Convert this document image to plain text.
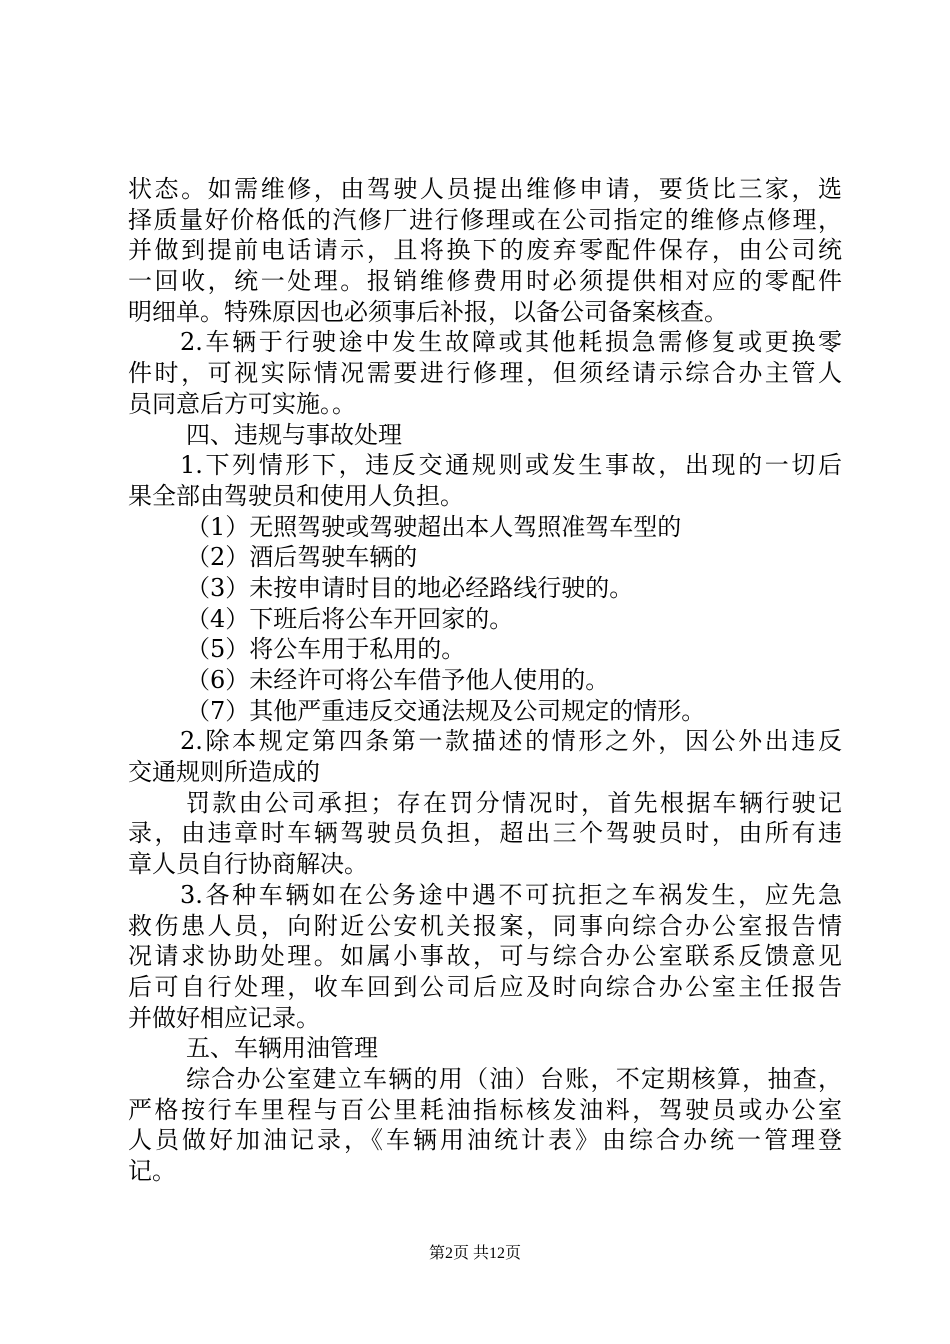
状态。如需维修，由驾驶人员提出维修申请，要货比三家，选
择质量好价格低的汽修厂进行修理或在公司指定的维修点修理，
并做到提前电话请示，且将换下的废弃零配件保存，由公司统
一回收，统一处理。报销维修费用时必须提供相对应的零配件
明细单。特殊原因也必须事后补报，以备公司备案核查。
2.车辆于行驶途中发生故障或其他耗损急需修复或更换零
件时，可视实际情况需要进行修理，但须经请示综合办主管人
员同意后方可实施。。
四、违规与事故处理
1.下列情形下，违反交通规则或发生事故，出现的一切后
果全部由驾驶员和使用人负担。
（1）无照驾驶或驾驶超出本人驾照准驾车型的
（2）酒后驾驶车辆的
（3）未按申请时目的地必经路线行驶的。
（4）下班后将公车开回家的。
（5）将公车用于私用的。
（6）未经许可将公车借予他人使用的。
（7）其他严重违反交通法规及公司规定的情形。
2.除本规定第四条第一款描述的情形之外，因公外出违反
交通规则所造成的
罚款由公司承担；存在罚分情况时，首先根据车辆行驶记
录，由违章时车辆驾驶员负担，超出三个驾驶员时，由所有违
章人员自行协商解决。
3.各种车辆如在公务途中遇不可抗拒之车祸发生，应先急
救伤患人员，向附近公安机关报案，同事向综合办公室报告情
况请求协助处理。如属小事故，可与综合办公室联系反馈意见
后可自行处理，收车回到公司后应及时向综合办公室主任报告
并做好相应记录。
五、车辆用油管理
综合办公室建立车辆的用（油）台账，不定期核算，抽查，
严格按行车里程与百公里耗油指标核发油料，驾驶员或办公室
人员做好加油记录，《车辆用油统计表》由综合办统一管理登
记。
第2页 共12页
